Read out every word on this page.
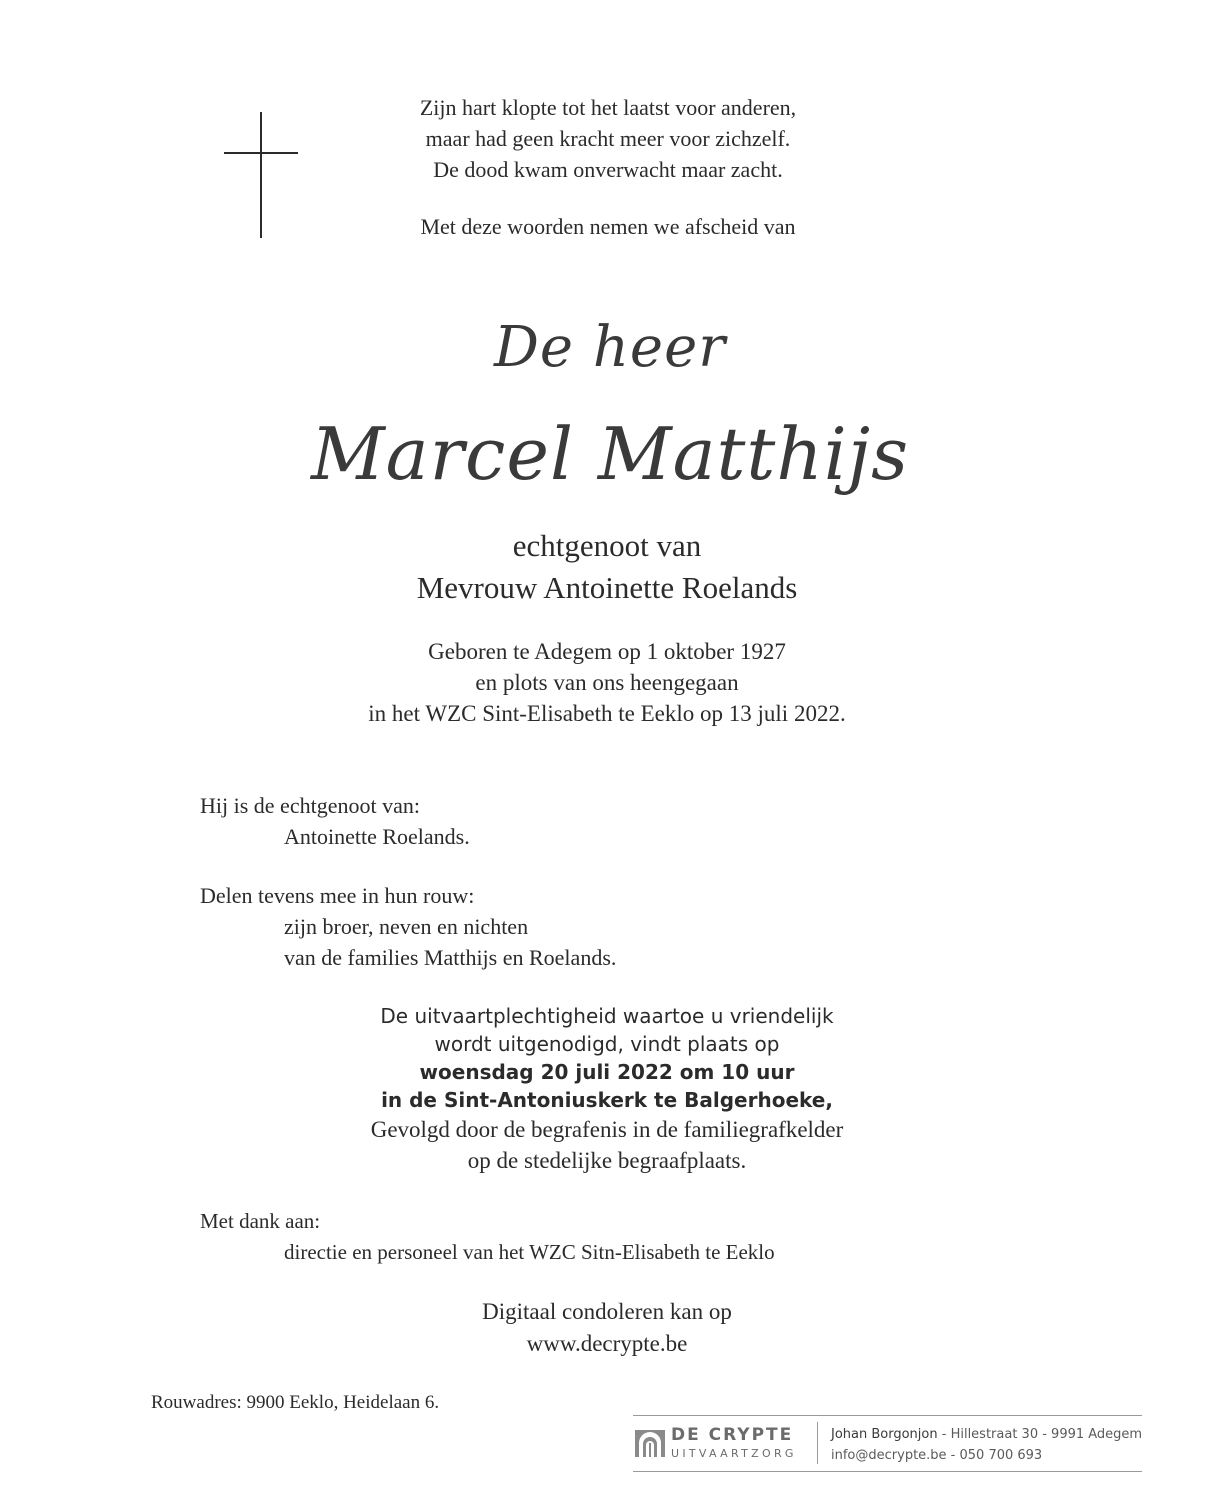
Zijn hart klopte tot het laatst voor anderen,
maar had geen kracht meer voor zichzelf.
De dood kwam onverwacht maar zacht.
Met deze woorden nemen we afscheid van
De heer
Marcel Matthijs
echtgenoot van
Mevrouw Antoinette Roelands
Geboren te Adegem op 1 oktober 1927
en plots van ons heengegaan
in het WZC Sint-Elisabeth te Eeklo op 13 juli 2022.
Hij is de echtgenoot van:
Antoinette Roelands.
Delen tevens mee in hun rouw:
zijn broer, neven en nichten
van de families Matthijs en Roelands.
De uitvaartplechtigheid waartoe u vriendelijk
wordt uitgenodigd, vindt plaats op
woensdag 20 juli 2022 om 10 uur
in de Sint-Antoniuskerk te Balgerhoeke,
Gevolgd door de begrafenis in de familiegrafkelder
op de stedelijke begraafplaats.
Met dank aan:
directie en personeel van het WZC Sitn-Elisabeth te Eeklo
Digitaal condoleren kan op
www.decrypte.be
Rouwadres: 9900 Eeklo, Heidelaan 6.
DE CRYPTE
UITVAARTZORG
Johan Borgonjon - Hillestraat 30 - 9991 Adegem
info@decrypte.be - 050 700 693
